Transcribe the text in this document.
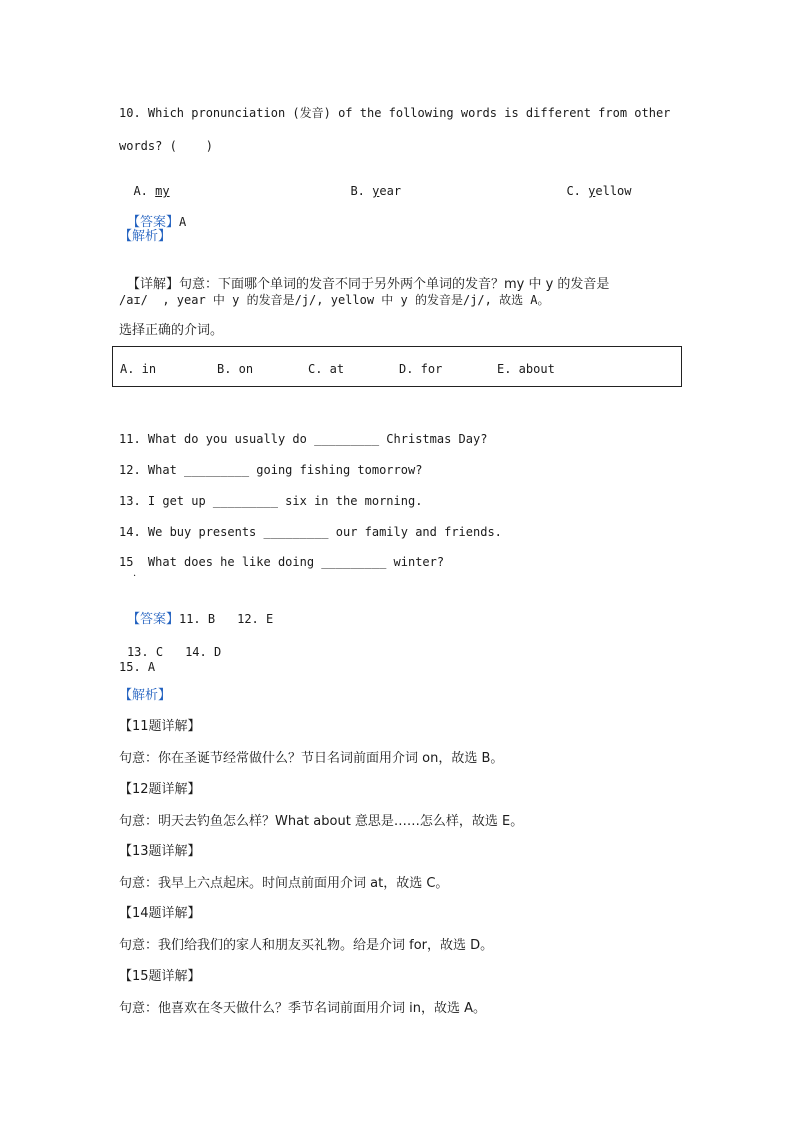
10. Which pronunciation (发音) of the following words is different from other
words? (    )

A. my	B. year	C. yellow

【答案】A

【解析】

【详解】句意：下面哪个单词的发音不同于另外两个单词的发音？my 中 y 的发音是

/aɪ/  , year 中 y 的发音是/j/, yellow 中 y 的发音是/j/, 故选 A。
选择正确的介词。
A. in	B. on	C. at	D. for	E. about
11. What do you usually do _________ Christmas Day?
12. What _________ going fishing tomorrow?
13. I get up _________ six in the morning.
14. We buy presents _________ our family and friends.
15  What does he like doing _________ winter?
·

【答案】11. B 12. E

13. C 14. D

15. A
【解析】
【11题详解】
句意：你在圣诞节经常做什么？节日名词前面用介词 on，故选 B。
【12题详解】
句意：明天去钓鱼怎么样？What about 意思是……怎么样，故选 E。
【13题详解】
句意：我早上六点起床。时间点前面用介词 at，故选 C。
【14题详解】
句意：我们给我们的家人和朋友买礼物。给是介词 for，故选 D。
【15题详解】
句意：他喜欢在冬天做什么？季节名词前面用介词 in，故选 A。
